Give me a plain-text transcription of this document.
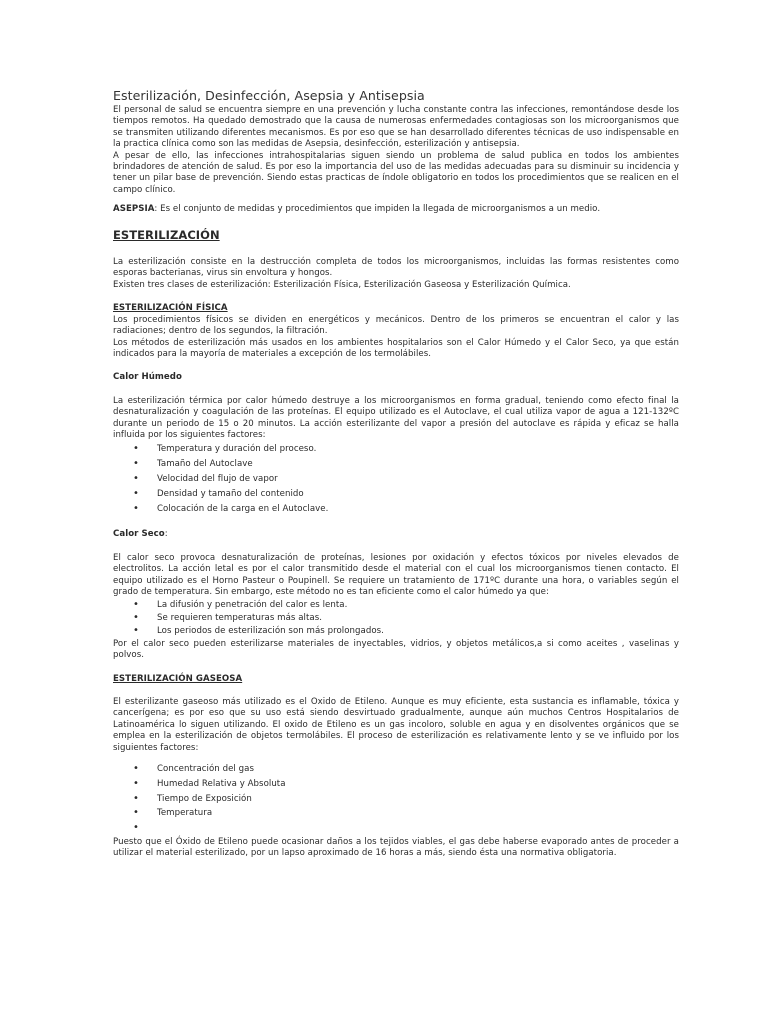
Esterilización, Desinfección, Asepsia y Antisepsia

El personal de salud se encuentra siempre en una prevención y lucha constante contra las infecciones, remontándose desde los tiempos remotos. Ha quedado demostrado que la causa de numerosas enfermedades contagiosas son los microorganismos que se transmiten utilizando diferentes mecanismos. Es por eso que se han desarrollado diferentes técnicas de uso indispensable en la practica clínica como son las medidas de Asepsia, desinfección, esterilización y antisepsia.

A pesar de ello, las infecciones intrahospitalarias siguen siendo un problema de salud publica en todos los ambientes brindadores de atención de salud. Es por eso la importancia del uso de las medidas adecuadas para su disminuir su incidencia y tener un pilar base de prevención. Siendo estas practicas de índole obligatorio en todos los procedimientos que se realicen en el campo clínico.

ASEPSIA: Es el conjunto de medidas y procedimientos que impiden la llegada de microorganismos a un medio.

ESTERILIZACIÓN

La esterilización consiste en la destrucción completa de todos los microorganismos, incluidas las formas resistentes como esporas bacterianas, virus sin envoltura y hongos.

Existen tres clases de esterilización: Esterilización Física, Esterilización Gaseosa y Esterilización Química.

ESTERILIZACIÓN FÍSICA

Los procedimientos físicos se dividen en energéticos y mecánicos. Dentro de los primeros se encuentran el calor y las radiaciones; dentro de los segundos, la filtración.

Los métodos de esterilización más usados en los ambientes hospitalarios son el Calor Húmedo y el Calor Seco, ya que están indicados para la mayoría de materiales a excepción de los termolábiles.

Calor Húmedo

La esterilización térmica por calor húmedo destruye a los microorganismos en forma gradual, teniendo como efecto final la desnaturalización y coagulación de las proteínas. El equipo utilizado es el Autoclave, el cual utiliza vapor de agua a 121-132ºC durante un periodo de 15 o 20 minutos. La acción esterilizante del vapor a presión del autoclave es rápida y eficaz se halla influida por los siguientes factores:

• Temperatura y duración del proceso.
• Tamaño del Autoclave
• Velocidad del flujo de vapor
• Densidad y tamaño del contenido
• Colocación de la carga en el Autoclave.

Calor Seco:

El calor seco provoca desnaturalización de proteínas, lesiones por oxidación y efectos tóxicos por niveles elevados de electrolitos. La acción letal es por el calor transmitido desde el material con el cual los microorganismos tienen contacto. El equipo utilizado es el Horno Pasteur o Poupinell. Se requiere un tratamiento de 171ºC durante una hora, o variables según el grado de temperatura. Sin embargo, este método no es tan eficiente como el calor húmedo ya que:

• La difusión y penetración del calor es lenta.
• Se requieren temperaturas más altas.
• Los periodos de esterilización son más prolongados.

Por el calor seco pueden esterilizarse materiales de inyectables, vidrios, y objetos metálicos,a si como aceites , vaselinas y polvos.

ESTERILIZACIÓN GASEOSA

El esterilizante gaseoso más utilizado es el Oxido de Etileno. Aunque es muy eficiente, esta sustancia es inflamable, tóxica y cancerígena; es por eso que su uso está siendo desvirtuado gradualmente, aunque aún muchos Centros Hospitalarios de Latinoamérica lo siguen utilizando. El oxido de Etileno es un gas incoloro, soluble en agua y en disolventes orgánicos que se emplea en la esterilización de objetos termolábiles. El proceso de esterilización es relativamente lento y se ve influido por los siguientes factores:

• Concentración del gas
• Humedad Relativa y Absoluta
• Tiempo de Exposición
• Temperatura
•

Puesto que el Óxido de Etileno puede ocasionar daños a los tejidos viables, el gas debe haberse evaporado antes de proceder a utilizar el material esterilizado, por un lapso aproximado de 16 horas a más, siendo ésta una normativa obligatoria.
